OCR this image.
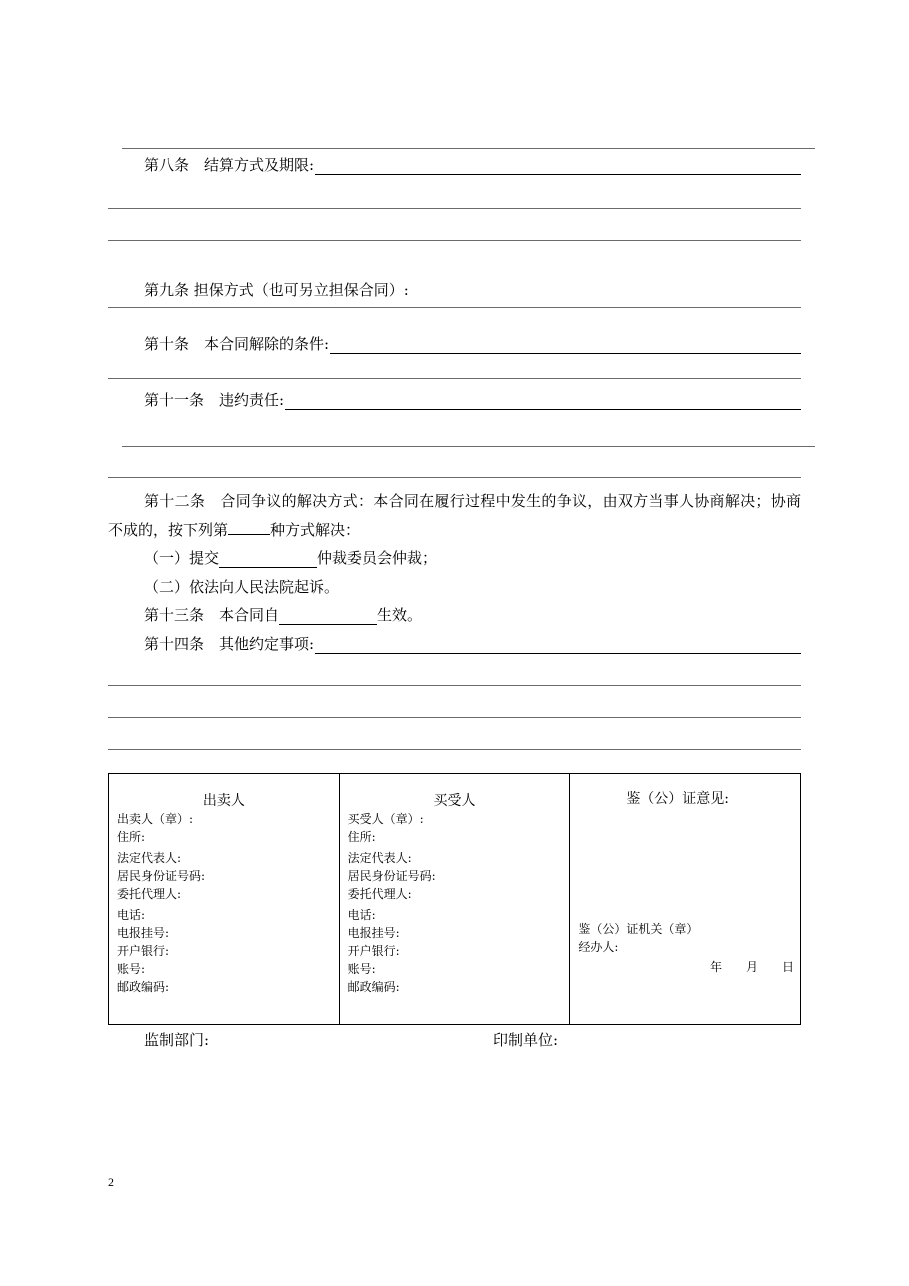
第八条　结算方式及期限:
第九条 担保方式（也可另立担保合同）:
第十条　本合同解除的条件:
第十一条　违约责任:
第十二条　合同争议的解决方式：本合同在履行过程中发生的争议，由双方当事人协商解决；协商不成的，按下列第	种方式解决：
（一）提交	仲裁委员会仲裁；
（二）依法向人民法院起诉。
第十三条　本合同自	生效。
第十四条　其他约定事项:
出卖人
出卖人（章）:
住所:
法定代表人:
居民身份证号码:
委托代理人:
电话:
电报挂号:
开户银行:
账号:
邮政编码:

买受人
买受人（章）:
住所:
法定代表人:
居民身份证号码:
委托代理人:
电话:
电报挂号:
开户银行:
账号:
邮政编码:

鉴（公）证意见:
鉴（公）证机关（章）
经办人:
年　　月　　日
监制部门:	印制单位:
2
